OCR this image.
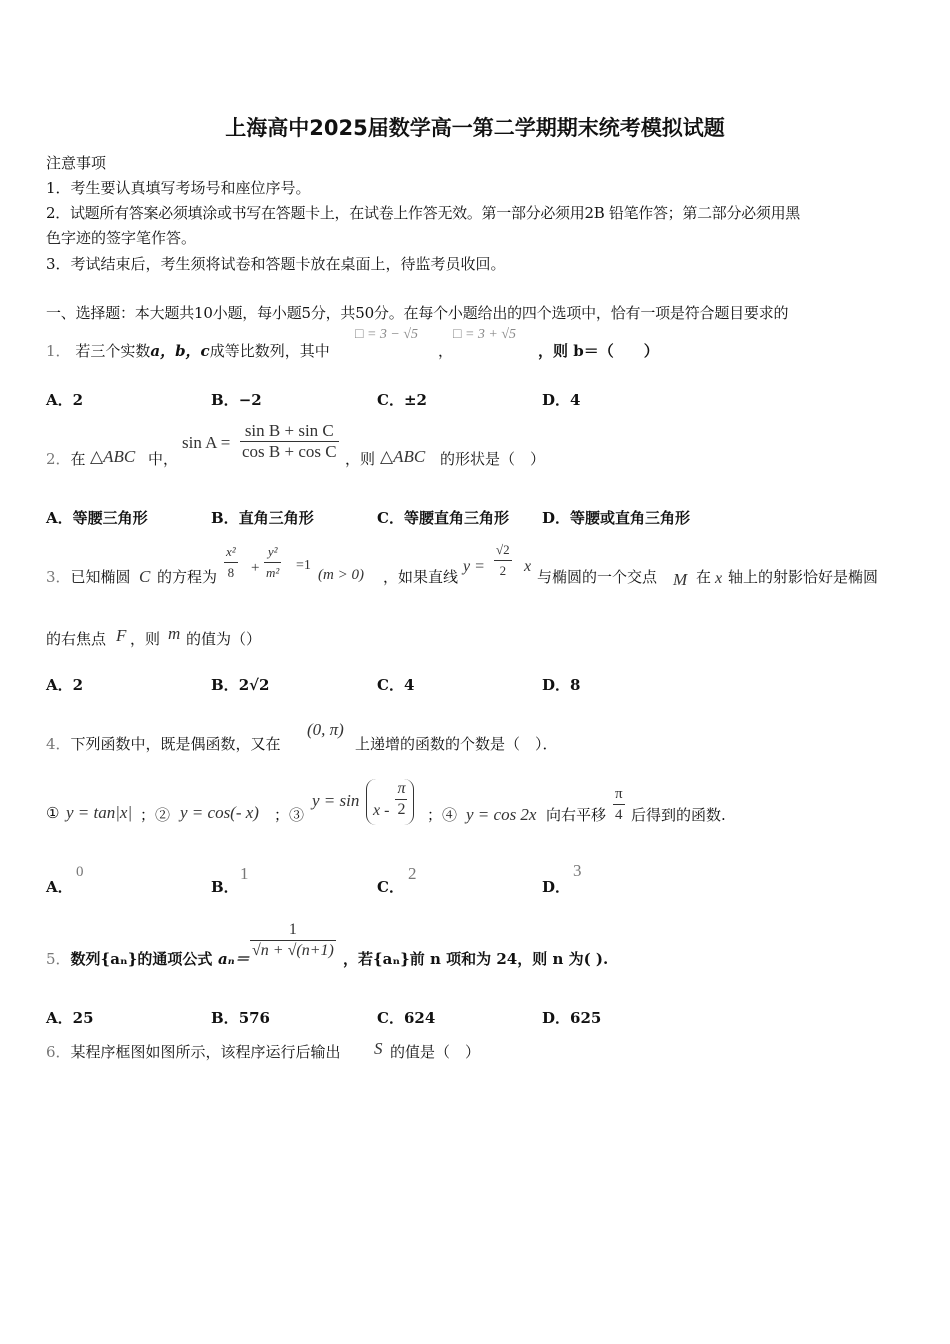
上海高中2025届数学高一第二学期期末统考模拟试题
注意事项
1．考生要认真填写考场号和座位序号。
2．试题所有答案必须填涂或书写在答题卡上，在试卷上作答无效。第一部分必须用2B 铅笔作答；第二部分必须用黑
色字迹的签字笔作答。
3．考试结束后，考生须将试卷和答题卡放在桌面上，待监考员收回。
一、选择题：本大题共10小题，每小题5分，共50分。在每个小题给出的四个选项中，恰有一项是符合题目要求的
1． 若三个实数a，b，c成等比数列，其中
□ = 3 − √5
，
□ = 3 + √5
，则 b＝（　　）
A．2	B．−2	C．±2	D．4
2．在 △ABC 中，
$\sin A = \frac{\text{sin B + sin C}}{\text{cos B + cos C}}$ ，则 △ABC 的形状是（　）
A．等腰三角形	B．直角三角形	C．等腰直角三角形 D．等腰或直角三角形
3．已知椭圆 C 的方程为 $\frac{\text{x²}}{8} + \frac{\text{y²}}{\text{m²}} =1$
(m > 0) ，如果直线
$y = \frac{√2}{2}$ x
与椭圆的一个交点 M 在 x 轴上的射影恰好是椭圆
的右焦点 F ，则 m 的值为（）
A．2	B．2√2	C．4	D．8
4．下列函数中，既是偶函数，又在
(0, π)
上递增的函数的个数是（　）．
① y = tan|x| ；② y = cos(- x) ；③
y = sin
x - $\frac{\pi}{2}$ ；④ y = cos 2x 向右平移 $\frac{\pi}{4}$ 后得到的函数.
A．
0
B．
1
C．
2
D．
3
5．数列{aₙ}的通项公式 $a_n= \frac{1}{√n + √(n+1)}$ ，若{aₙ}前 n 项和为 24，则 n 为( ).
A．25	B．576	C．624	D．625
6．某程序框图如图所示，该程序运行后输出 S 的值是（　）
